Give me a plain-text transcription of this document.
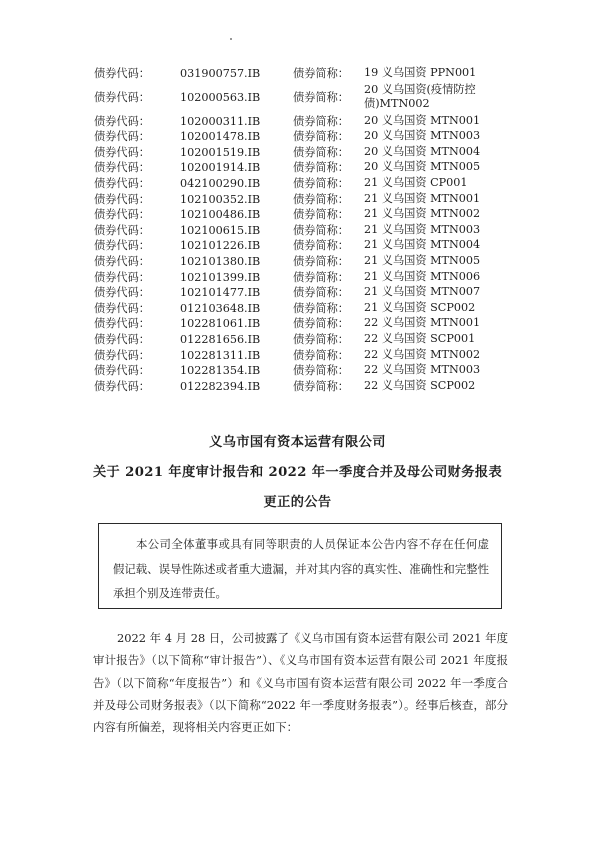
债券代码：	031900757.IB	债券简称： 19 义乌国资 PPN001
债券代码：	102000563.IB	债券简称：
20 义乌国资(疫情防控债)MTN002
债券代码：	102000311.IB	债券简称： 20 义乌国资 MTN001
债券代码：	102001478.IB	债券简称： 20 义乌国资 MTN003
债券代码：	102001519.IB	债券简称： 20 义乌国资 MTN004
债券代码：	102001914.IB	债券简称： 20 义乌国资 MTN005
债券代码：	042100290.IB	债券简称： 21 义乌国资 CP001
债券代码：	102100352.IB	债券简称： 21 义乌国资 MTN001
债券代码：	102100486.IB	债券简称： 21 义乌国资 MTN002
债券代码：	102100615.IB	债券简称： 21 义乌国资 MTN003
债券代码：	102101226.IB	债券简称： 21 义乌国资 MTN004
债券代码：	102101380.IB	债券简称： 21 义乌国资 MTN005
债券代码：	102101399.IB	债券简称： 21 义乌国资 MTN006
债券代码：	102101477.IB	债券简称： 21 义乌国资 MTN007
债券代码：	012103648.IB	债券简称： 21 义乌国资 SCP002
债券代码：	102281061.IB	债券简称： 22 义乌国资 MTN001
债券代码：	012281656.IB	债券简称： 22 义乌国资 SCP001
债券代码：	102281311.IB	债券简称： 22 义乌国资 MTN002
债券代码：	102281354.IB	债券简称： 22 义乌国资 MTN003
债券代码：	012282394.IB	债券简称： 22 义乌国资 SCP002
义乌市国有资本运营有限公司
关于 2021 年度审计报告和 2022 年一季度合并及母公司财务报表
更正的公告
本公司全体董事或具有同等职责的人员保证本公告内容不存在任何虚假记载、误导性陈述或者重大遗漏，并对其内容的真实性、准确性和完整性承担个别及连带责任。
2022 年 4 月 28 日，公司披露了《义乌市国有资本运营有限公司 2021 年度审计报告》（以下简称“审计报告”）、《义乌市国有资本运营有限公司 2021 年度报告》（以下简称“年度报告”）和《义乌市国有资本运营有限公司 2022 年一季度合并及母公司财务报表》（以下简称“2022 年一季度财务报表”）。经事后核查，部分内容有所偏差，现将相关内容更正如下：
